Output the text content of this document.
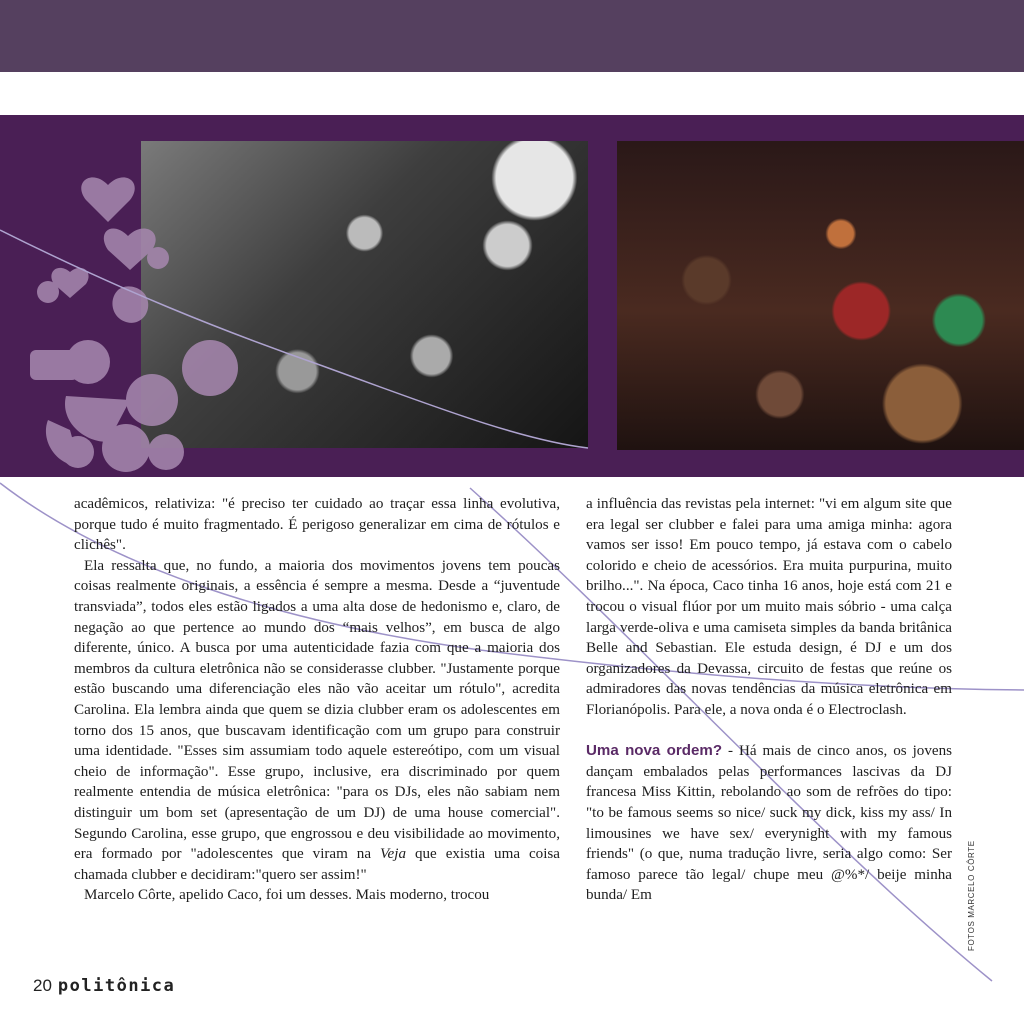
acadêmicos, relativiza: "é preciso ter cuidado ao traçar essa linha evolutiva, porque tudo é muito fragmentado. É perigoso generalizar em cima de rótulos e clichês".

Ela ressalta que, no fundo, a maioria dos movimentos jovens tem poucas coisas realmente originais, a essência é sempre a mesma. Desde a “juventude transviada”, todos eles estão ligados a uma alta dose de hedonismo e, claro, de negação ao que pertence ao mundo dos “mais velhos”, em busca de algo diferente, único. A busca por uma autenticidade fazia com que a maioria dos membros da cultura eletrônica não se considerasse clubber. "Justamente porque estão buscando uma diferenciação eles não vão aceitar um rótulo", acredita Carolina. Ela lembra ainda que quem se dizia clubber eram os adolescentes em torno dos 15 anos, que buscavam identificação com um grupo para construir uma identidade. "Esses sim assumiam todo aquele estereótipo, com um visual cheio de informação". Esse grupo, inclusive, era discriminado por quem realmente entendia de música eletrônica: "para os DJs, eles não sabiam nem distinguir um bom set (apresentação de um DJ) de uma house comercial". Segundo Carolina, esse grupo, que engrossou e deu visibilidade ao movimento, era formado por "adolescentes que viram na Veja que existia uma coisa chamada clubber e decidiram:"quero ser assim!"

Marcelo Côrte, apelido Caco, foi um desses. Mais moderno, trocou

a influência das revistas pela internet: "vi em algum site que era legal ser clubber e falei para uma amiga minha: agora vamos ser isso! Em pouco tempo, já estava com o cabelo colorido e cheio de acessórios. Era muita purpurina, muito brilho...". Na época, Caco tinha 16 anos, hoje está com 21 e trocou o visual flúor por um muito mais sóbrio - uma calça larga verde-oliva e uma camiseta simples da banda britânica Belle and Sebastian. Ele estuda design, é DJ e um dos organizadores da Devassa, circuito de festas que reúne os admiradores das novas tendências da música eletrônica em Florianópolis. Para ele, a nova onda é o Electroclash.

Uma nova ordem? - Há mais de cinco anos, os jovens dançam embalados pelas performances lascivas da DJ francesa Miss Kittin, rebolando ao som de refrões do tipo: "to be famous seems so nice/ suck my dick, kiss my ass/ In limousines we have sex/ everynight with my famous friends" (o que, numa tradução livre, seria algo como: Ser famoso parece tão legal/ chupe meu @%*/ beije minha bunda/ Em	FOTOS MARCELO CÔRTE
20 politônica
